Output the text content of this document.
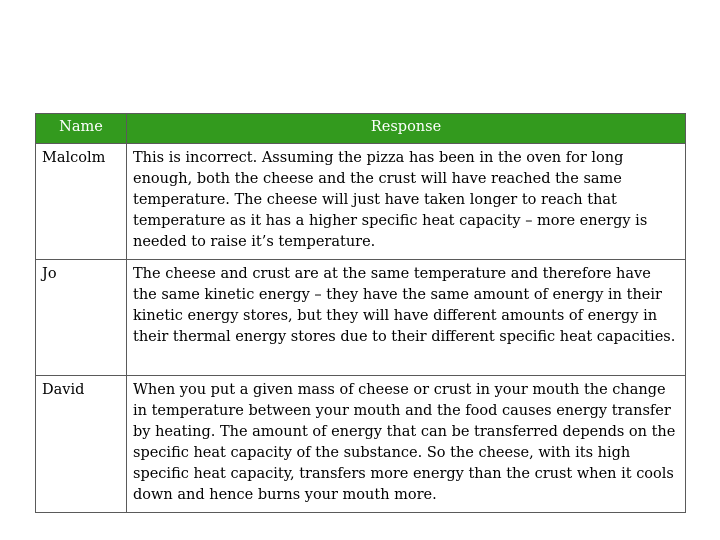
Name	Response
Malcolm	This is incorrect. Assuming the pizza has been in the oven for long enough, both the cheese and the crust will have reached the same temperature. The cheese will just have taken longer to reach that temperature as it has a higher specific heat capacity – more energy is needed to raise it’s temperature.
Jo	The cheese and crust are at the same temperature and therefore have the same kinetic energy – they have the same amount of energy in their kinetic energy stores, but they will have different amounts of energy in their thermal energy stores due to their different specific heat capacities.
David	When you put a given mass of cheese or crust in your mouth the change in temperature between your mouth and the food causes energy transfer by heating. The amount of energy that can be transferred depends on the specific heat capacity of the substance. So the cheese, with its high specific heat capacity, transfers more energy than the crust when it cools down and hence burns your mouth more.
